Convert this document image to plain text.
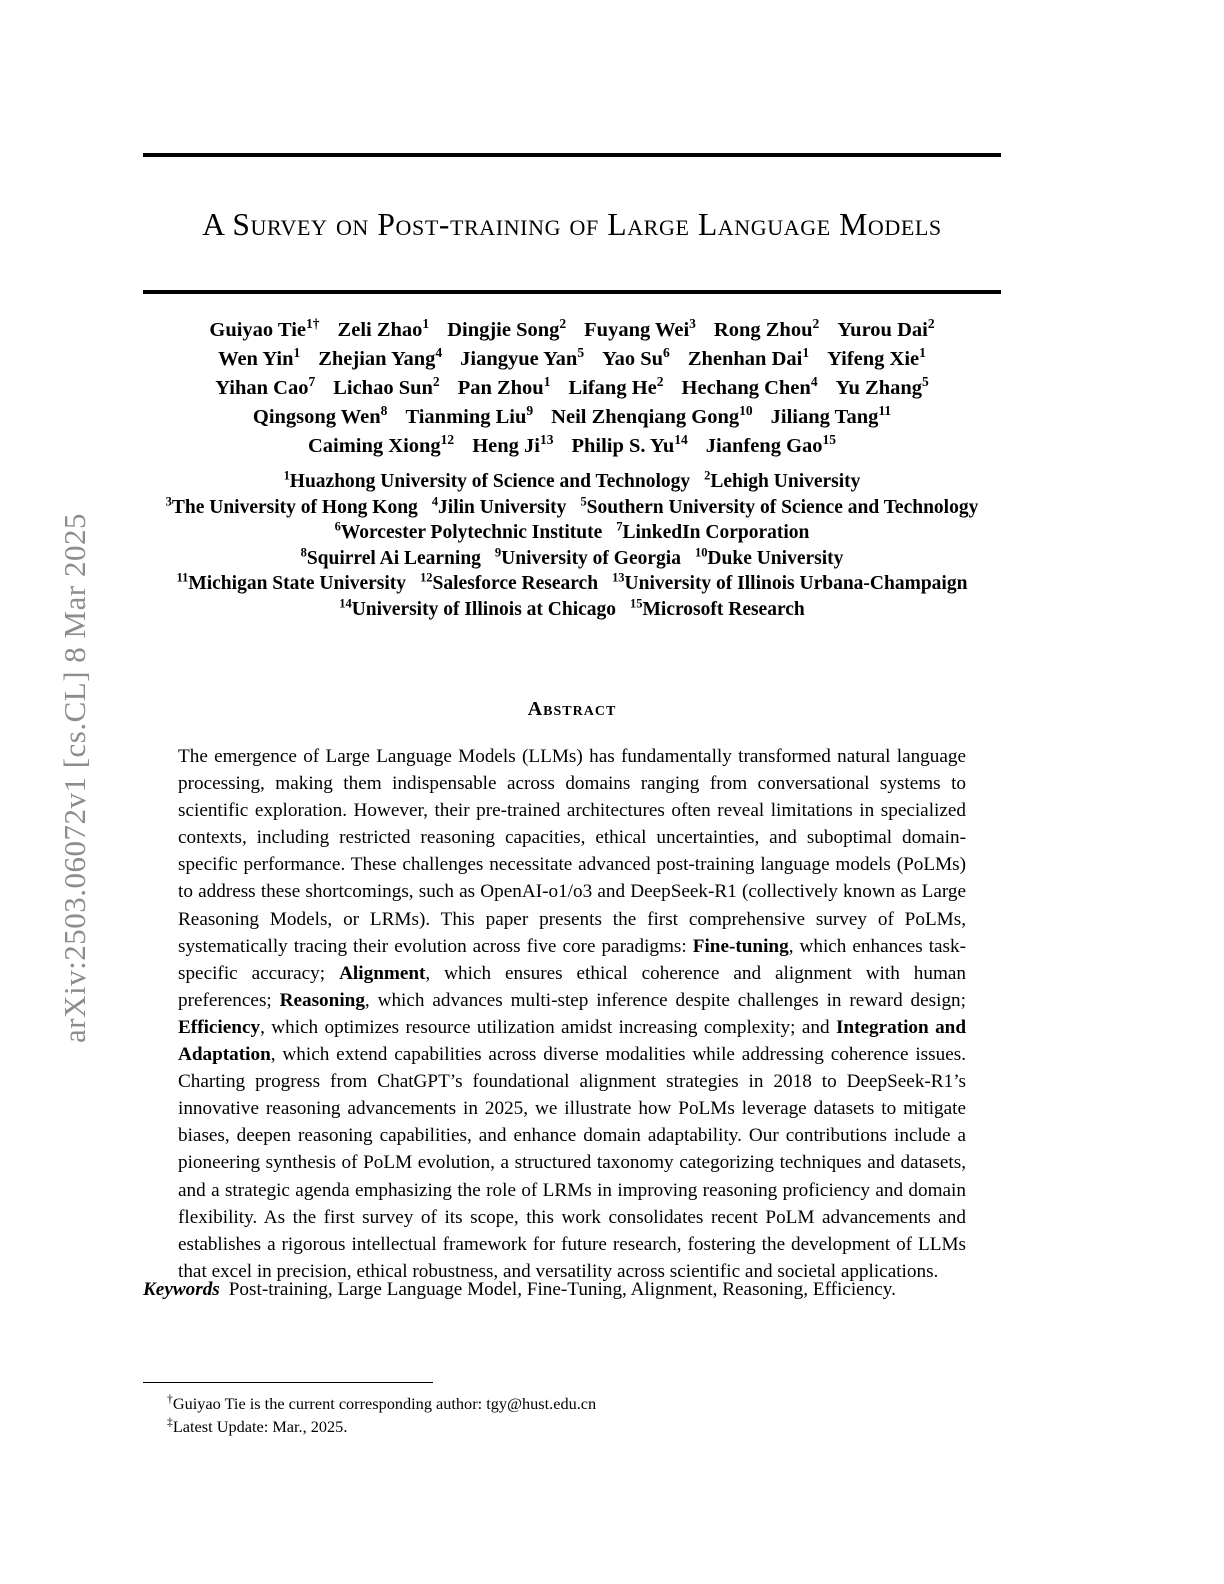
arXiv:2503.06072v1 [cs.CL] 8 Mar 2025
A Survey on Post-training of Large Language Models
Guiyao Tie$^{1\dagger}$ Zeli Zhao$^1$ Dingjie Song$^2$ Fuyang Wei$^3$ Rong Zhou$^2$ Yurou Dai$^2$
Wen Yin$^1$ Zhejian Yang$^4$ Jiangyue Yan$^5$ Yao Su$^6$ Zhenhan Dai$^1$ Yifeng Xie$^1$
Yihan Cao$^7$ Lichao Sun$^2$ Pan Zhou$^1$ Lifang He$^2$ Hechang Chen$^4$ Yu Zhang$^5$
Qingsong Wen$^8$ Tianming Liu$^9$ Neil Zhenqiang Gong$^{10}$ Jiliang Tang$^{11}$
Caiming Xiong$^{12}$ Heng Ji$^{13}$ Philip S. Yu$^{14}$ Jianfeng Gao$^{15}$
$^1$Huazhong University of Science and Technology $^2$Lehigh University
$^3$The University of Hong Kong $^4$Jilin University $^5$Southern University of Science and Technology
$^6$Worcester Polytechnic Institute $^7$LinkedIn Corporation
$^8$Squirrel Ai Learning $^9$University of Georgia $^{10}$Duke University
$^{11}$Michigan State University $^{12}$Salesforce Research $^{13}$University of Illinois Urbana-Champaign
$^{14}$University of Illinois at Chicago $^{15}$Microsoft Research
Abstract
The emergence of Large Language Models (LLMs) has fundamentally transformed natural language processing, making them indispensable across domains ranging from conversational systems to scientific exploration. However, their pre-trained architectures often reveal limitations in specialized contexts, including restricted reasoning capacities, ethical uncertainties, and suboptimal domain-specific performance. These challenges necessitate advanced post-training language models (PoLMs) to address these shortcomings, such as OpenAI-o1/o3 and DeepSeek-R1 (collectively known as Large Reasoning Models, or LRMs). This paper presents the first comprehensive survey of PoLMs, systematically tracing their evolution across five core paradigms: Fine-tuning, which enhances task-specific accuracy; Alignment, which ensures ethical coherence and alignment with human preferences; Reasoning, which advances multi-step inference despite challenges in reward design; Efficiency, which optimizes resource utilization amidst increasing complexity; and Integration and Adaptation, which extend capabilities across diverse modalities while addressing coherence issues. Charting progress from ChatGPT’s foundational alignment strategies in 2018 to DeepSeek-R1’s innovative reasoning advancements in 2025, we illustrate how PoLMs leverage datasets to mitigate biases, deepen reasoning capabilities, and enhance domain adaptability. Our contributions include a pioneering synthesis of PoLM evolution, a structured taxonomy categorizing techniques and datasets, and a strategic agenda emphasizing the role of LRMs in improving reasoning proficiency and domain flexibility. As the first survey of its scope, this work consolidates recent PoLM advancements and establishes a rigorous intellectual framework for future research, fostering the development of LLMs that excel in precision, ethical robustness, and versatility across scientific and societal applications.
Keywords Post-training, Large Language Model, Fine-Tuning, Alignment, Reasoning, Efficiency.
†Guiyao Tie is the current corresponding author: tgy@hust.edu.cn
‡Latest Update: Mar., 2025.
